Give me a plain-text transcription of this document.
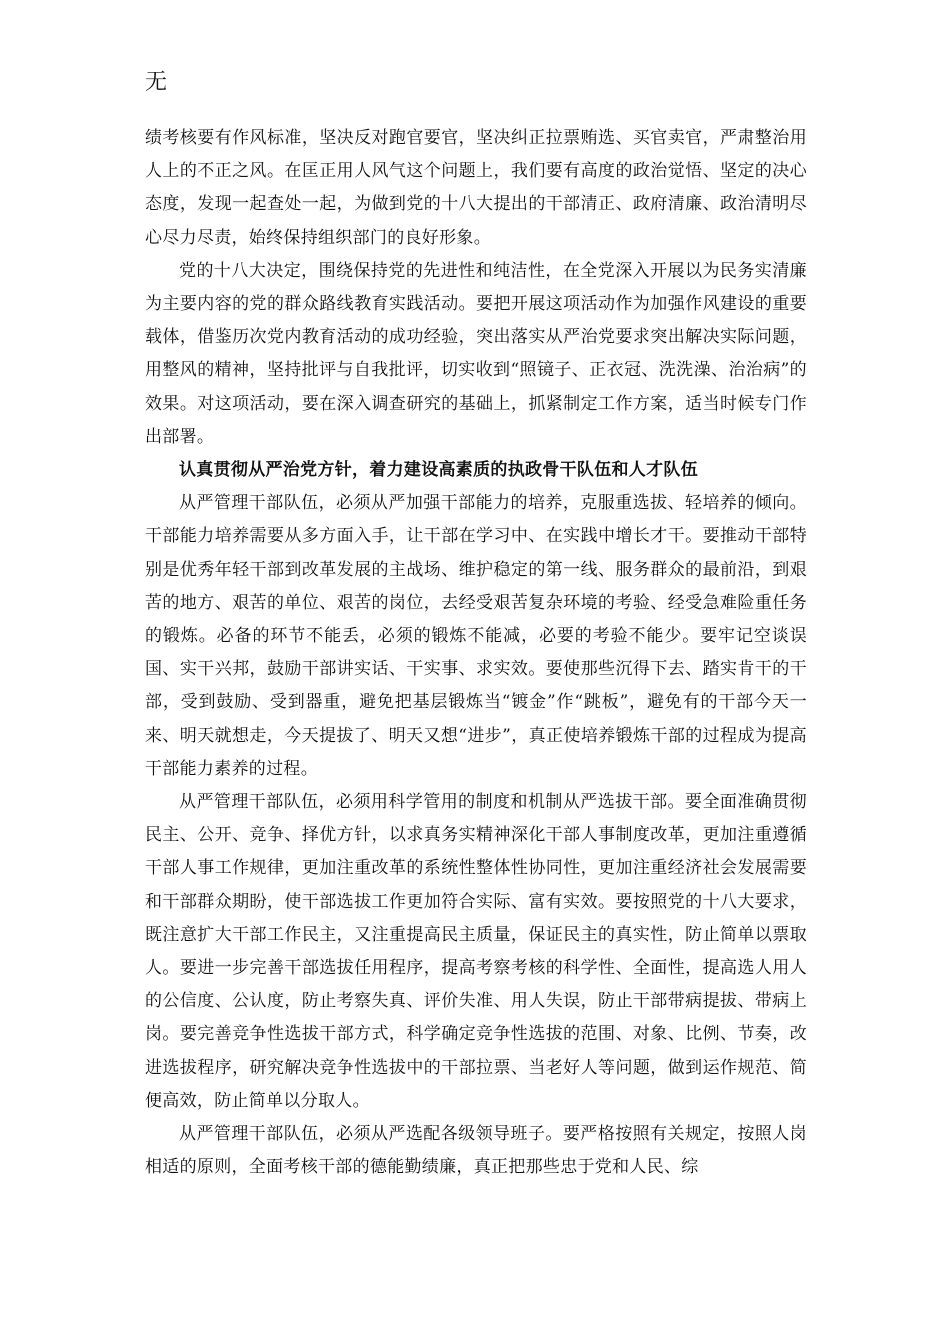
无

绩考核要有作风标准，坚决反对跑官要官，坚决纠正拉票贿选、买官卖官，严肃整治用人上的不正之风。在匡正用人风气这个问题上，我们要有高度的政治觉悟、坚定的决心态度，发现一起查处一起，为做到党的十八大提出的干部清正、政府清廉、政治清明尽心尽力尽责，始终保持组织部门的良好形象。

党的十八大决定，围绕保持党的先进性和纯洁性，在全党深入开展以为民务实清廉为主要内容的党的群众路线教育实践活动。要把开展这项活动作为加强作风建设的重要载体，借鉴历次党内教育活动的成功经验，突出落实从严治党要求突出解决实际问题，用整风的精神，坚持批评与自我批评，切实收到“照镜子、正衣冠、洗洗澡、治治病”的效果。对这项活动，要在深入调查研究的基础上，抓紧制定工作方案，适当时候专门作出部署。

认真贯彻从严治党方针，着力建设高素质的执政骨干队伍和人才队伍

从严管理干部队伍，必须从严加强干部能力的培养，克服重选拔、轻培养的倾向。干部能力培养需要从多方面入手，让干部在学习中、在实践中增长才干。要推动干部特别是优秀年轻干部到改革发展的主战场、维护稳定的第一线、服务群众的最前沿，到艰苦的地方、艰苦的单位、艰苦的岗位，去经受艰苦复杂环境的考验、经受急难险重任务的锻炼。必备的环节不能丢，必须的锻炼不能减，必要的考验不能少。要牢记空谈误国、实干兴邦，鼓励干部讲实话、干实事、求实效。要使那些沉得下去、踏实肯干的干部，受到鼓励、受到器重，避免把基层锻炼当“镀金”作“跳板”，避免有的干部今天一来、明天就想走，今天提拔了、明天又想“进步”，真正使培养锻炼干部的过程成为提高干部能力素养的过程。

从严管理干部队伍，必须用科学管用的制度和机制从严选拔干部。要全面准确贯彻民主、公开、竞争、择优方针，以求真务实精神深化干部人事制度改革，更加注重遵循干部人事工作规律，更加注重改革的系统性整体性协同性，更加注重经济社会发展需要和干部群众期盼，使干部选拔工作更加符合实际、富有实效。要按照党的十八大要求，既注意扩大干部工作民主，又注重提高民主质量，保证民主的真实性，防止简单以票取人。要进一步完善干部选拔任用程序，提高考察考核的科学性、全面性，提高选人用人的公信度、公认度，防止考察失真、评价失准、用人失误，防止干部带病提拔、带病上岗。要完善竞争性选拔干部方式，科学确定竞争性选拔的范围、对象、比例、节奏，改进选拔程序，研究解决竞争性选拔中的干部拉票、当老好人等问题，做到运作规范、简便高效，防止简单以分取人。

从严管理干部队伍，必须从严选配各级领导班子。要严格按照有关规定，按照人岗相适的原则，全面考核干部的德能勤绩廉，真正把那些忠于党和人民、综
